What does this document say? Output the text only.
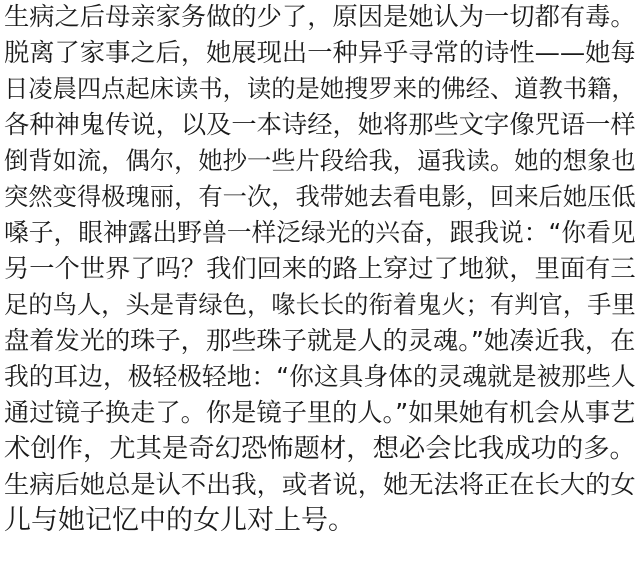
生病之后母亲家务做的少了，原因是她认为一切都有毒。
脱离了家事之后，她展现出一种异乎寻常的诗性——她每
日凌晨四点起床读书，读的是她搜罗来的佛经、道教书籍，
各种神鬼传说，以及一本诗经，她将那些文字像咒语一样
倒背如流，偶尔，她抄一些片段给我，逼我读。她的想象也
突然变得极瑰丽，有一次，我带她去看电影，回来后她压低
嗓子，眼神露出野兽一样泛绿光的兴奋，跟我说：“你看见
另一个世界了吗？我们回来的路上穿过了地狱，里面有三
足的鸟人，头是青绿色，喙长长的衔着鬼火；有判官，手里
盘着发光的珠子，那些珠子就是人的灵魂。”她凑近我，在
我的耳边，极轻极轻地：“你这具身体的灵魂就是被那些人
通过镜子换走了。你是镜子里的人。”如果她有机会从事艺
术创作，尤其是奇幻恐怖题材，想必会比我成功的多。
生病后她总是认不出我，或者说，她无法将正在长大的女
儿与她记忆中的女儿对上号。
